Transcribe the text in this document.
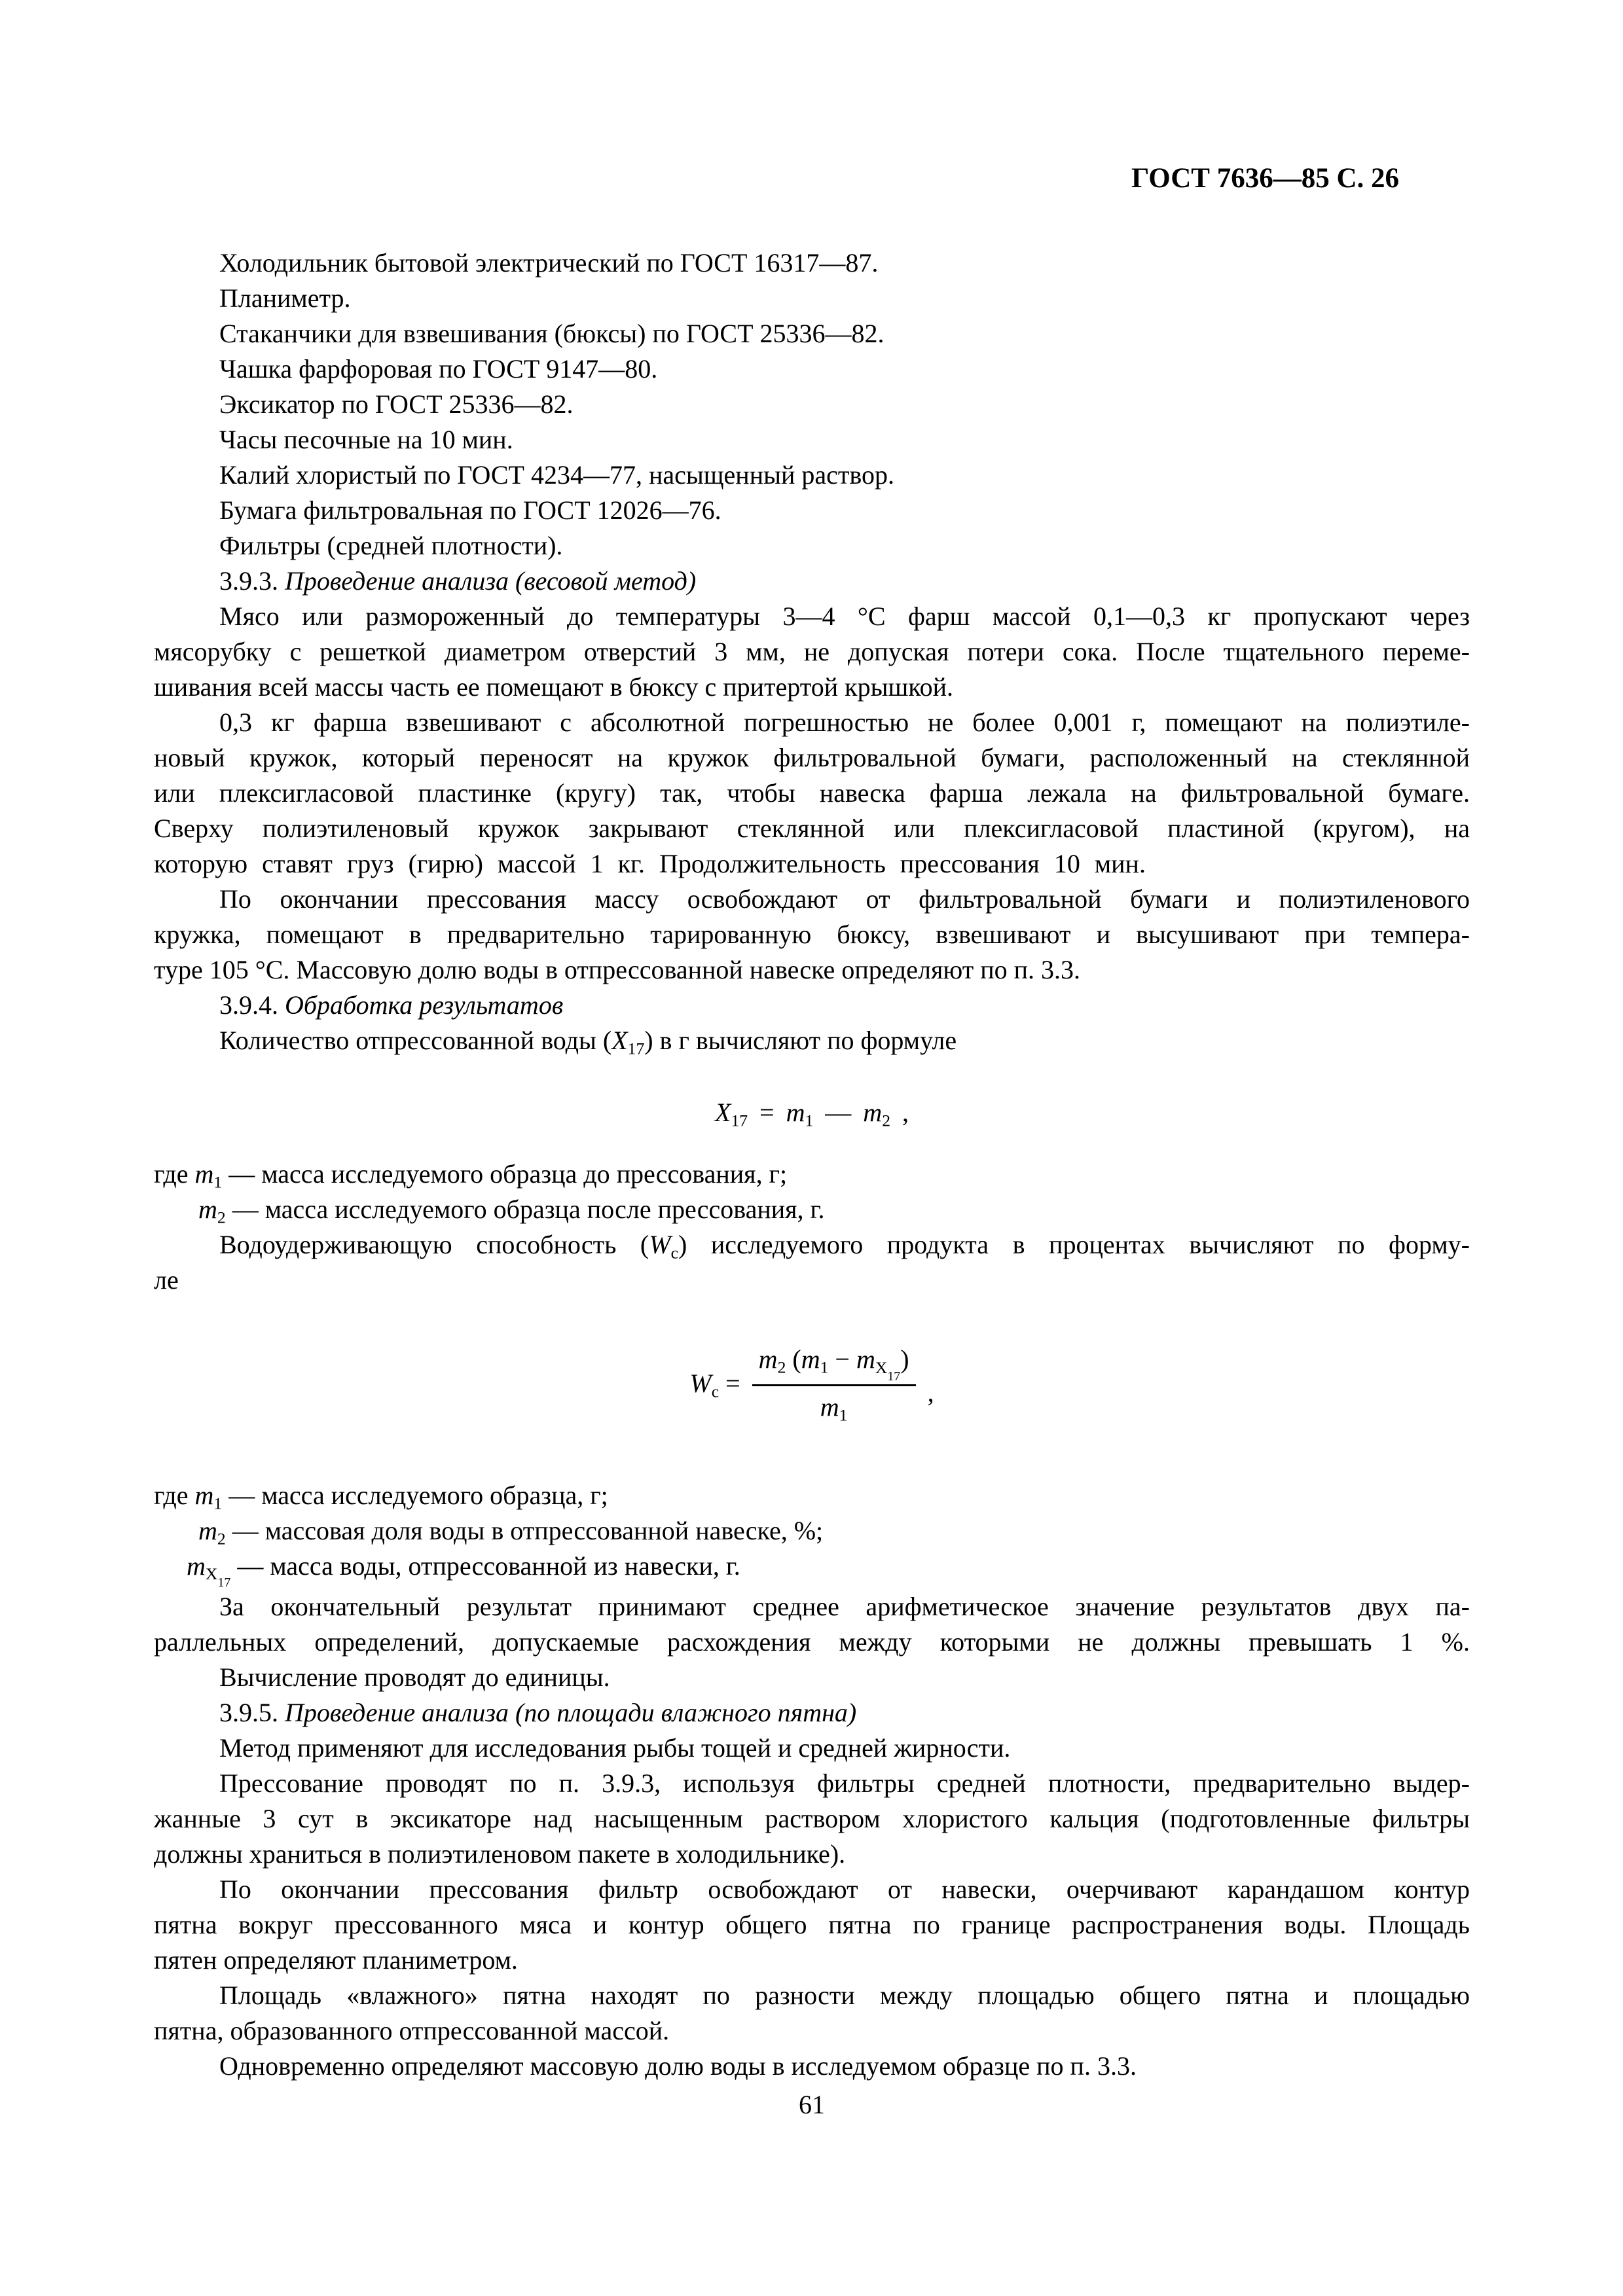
ГОСТ 7636—85 С. 26
Холодильник бытовой электрический по ГОСТ 16317—87.
Планиметр.
Стаканчики для взвешивания (бюксы) по ГОСТ 25336—82.
Чашка фарфоровая по ГОСТ 9147—80.
Эксикатор по ГОСТ 25336—82.
Часы песочные на 10 мин.
Калий хлористый по ГОСТ 4234—77, насыщенный раствор.
Бумага фильтровальная по ГОСТ 12026—76.
Фильтры (средней плотности).
3.9.3. Проведение анализа (весовой метод)
Мясо или размороженный до температуры 3—4 °С фарш массой 0,1—0,3 кг пропускают через
мясорубку с решеткой диаметром отверстий 3 мм, не допуская потери сока. После тщательного переме-
шивания всей массы часть ее помещают в бюксу с притертой крышкой.
0,3 кг фарша взвешивают с абсолютной погрешностью не более 0,001 г, помещают на полиэтиле-
новый кружок, который переносят на кружок фильтровальной бумаги, расположенный на стеклянной
или плексигласовой пластинке (кругу) так, чтобы навеска фарша лежала на фильтровальной бумаге.
Сверху полиэтиленовый кружок закрывают стеклянной или плексигласовой пластиной (кругом), на
которую ставят груз (гирю) массой 1 кг. Продолжительность прессования 10 мин.
По окончании прессования массу освобождают от фильтровальной бумаги и полиэтиленового
кружка, помещают в предварительно тарированную бюксу, взвешивают и высушивают при темпера-
туре 105 °С. Массовую долю воды в отпрессованной навеске определяют по п. 3.3.
3.9.4. Обработка результатов
Количество отпрессованной воды $(X_{17})$ в г вычисляют по формуле
$X_{17} = m_1$ — $m_2$ ,
где $m_1$ — масса исследуемого образца до прессования, г;
$m_2$ — масса исследуемого образца после прессования, г.
Водоудерживающую способность $(W_c)$ исследуемого продукта в процентах вычисляют по форму-
ле
$W_c = \frac{m_2 (m_1 - m_{X_{17}})}{m_1}$ ,
где $m_1$ — масса исследуемого образца, г;
$m_2$ — массовая доля воды в отпрессованной навеске, %;
$m_{X_{17}}$ — масса воды, отпрессованной из навески, г.
За окончательный результат принимают среднее арифметическое значение результатов двух па-
раллельных определений, допускаемые расхождения между которыми не должны превышать 1 %.
Вычисление проводят до единицы.
3.9.5. Проведение анализа (по площади влажного пятна)
Метод применяют для исследования рыбы тощей и средней жирности.
Прессование проводят по п. 3.9.3, используя фильтры средней плотности, предварительно выдер-
жанные 3 сут в эксикаторе над насыщенным раствором хлористого кальция (подготовленные фильтры
должны храниться в полиэтиленовом пакете в холодильнике).
По окончании прессования фильтр освобождают от навески, очерчивают карандашом контур
пятна вокруг прессованного мяса и контур общего пятна по границе распространения воды. Площадь
пятен определяют планиметром.
Площадь «влажного» пятна находят по разности между площадью общего пятна и площадью
пятна, образованного отпрессованной массой.
Одновременно определяют массовую долю воды в исследуемом образце по п. 3.3.
61
